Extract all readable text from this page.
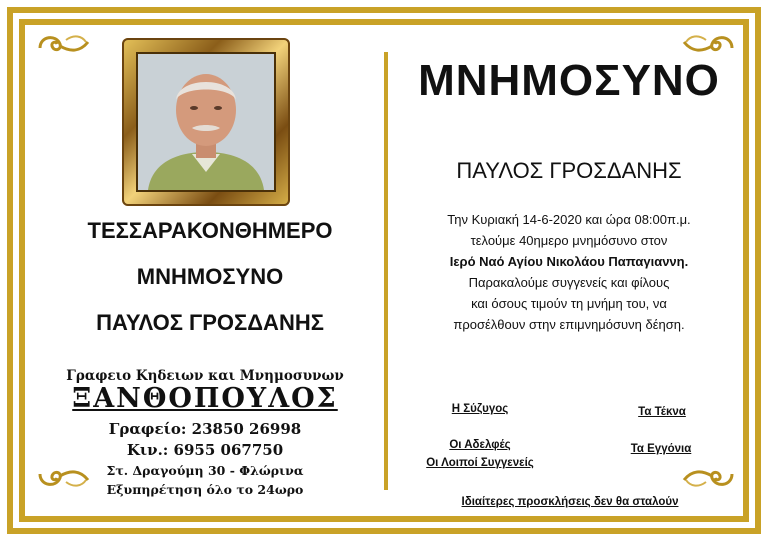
ΤΕΣΣΑΡΑΚΟΝΘΗΜΕΡΟ
ΜΝΗΜΟΣΥΝΟ
ΠΑΥΛΟΣ ΓΡΟΣΔΑΝΗΣ
Γραφειο Κηδειων και Μνημοσυνων
ΞΑΝΘΟΠΟΥΛΟΣ
Γραφείο: 23850 26998
Κιν.: 6955 067750
Στ. Δραγούμη 30 - Φλώρινα
Εξυπηρέτηση όλο το 24ωρο
ΜΝΗΜΟΣΥΝΟ
ΠΑΥΛΟΣ ΓΡΟΣΔΑΝΗΣ
Την Κυριακή 14-6-2020 και ώρα 08:00π.μ.
τελούμε 40ημερο μνημόσυνο στον
Ιερό Ναό Αγίου Νικολάου Παπαγιαννη.
Παρακαλούμε συγγενείς και φίλους
και όσους τιμούν τη μνήμη του, να
προσέλθουν στην επιμνημόσυνη δέηση.
Η Σύζυγος	Τα Τέκνα
Οι Αδελφές
Οι Λοιποί Συγγενείς
Τα Εγγόνια
Ιδιαίτερες προσκλήσεις δεν θα σταλούν
